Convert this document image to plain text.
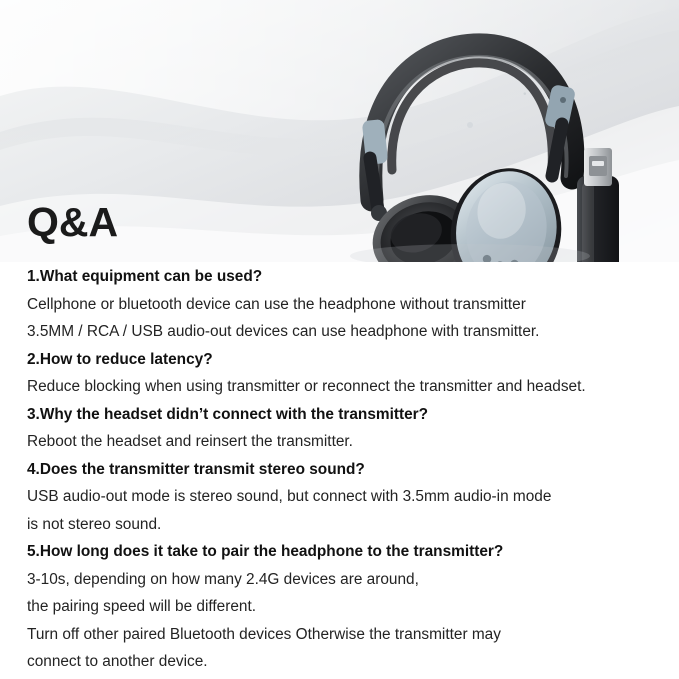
●
Q&A
1.What equipment can be used?
Cellphone or bluetooth device can use the headphone without transmitter
3.5MM / RCA / USB audio-out devices can use headphone with transmitter.
2.How to reduce latency?
Reduce blocking when using transmitter or reconnect the transmitter and headset.
3.Why the headset didn’t connect with the transmitter?
Reboot the headset and reinsert the transmitter.
4.Does the transmitter transmit stereo sound?
USB audio-out mode is stereo sound, but connect with 3.5mm audio-in mode
is not stereo sound.
5.How long does it take to pair the headphone to the transmitter?
3-10s, depending on how many 2.4G devices are around,
the pairing speed will be different.
Turn off other paired Bluetooth devices Otherwise the transmitter may
connect to another device.
